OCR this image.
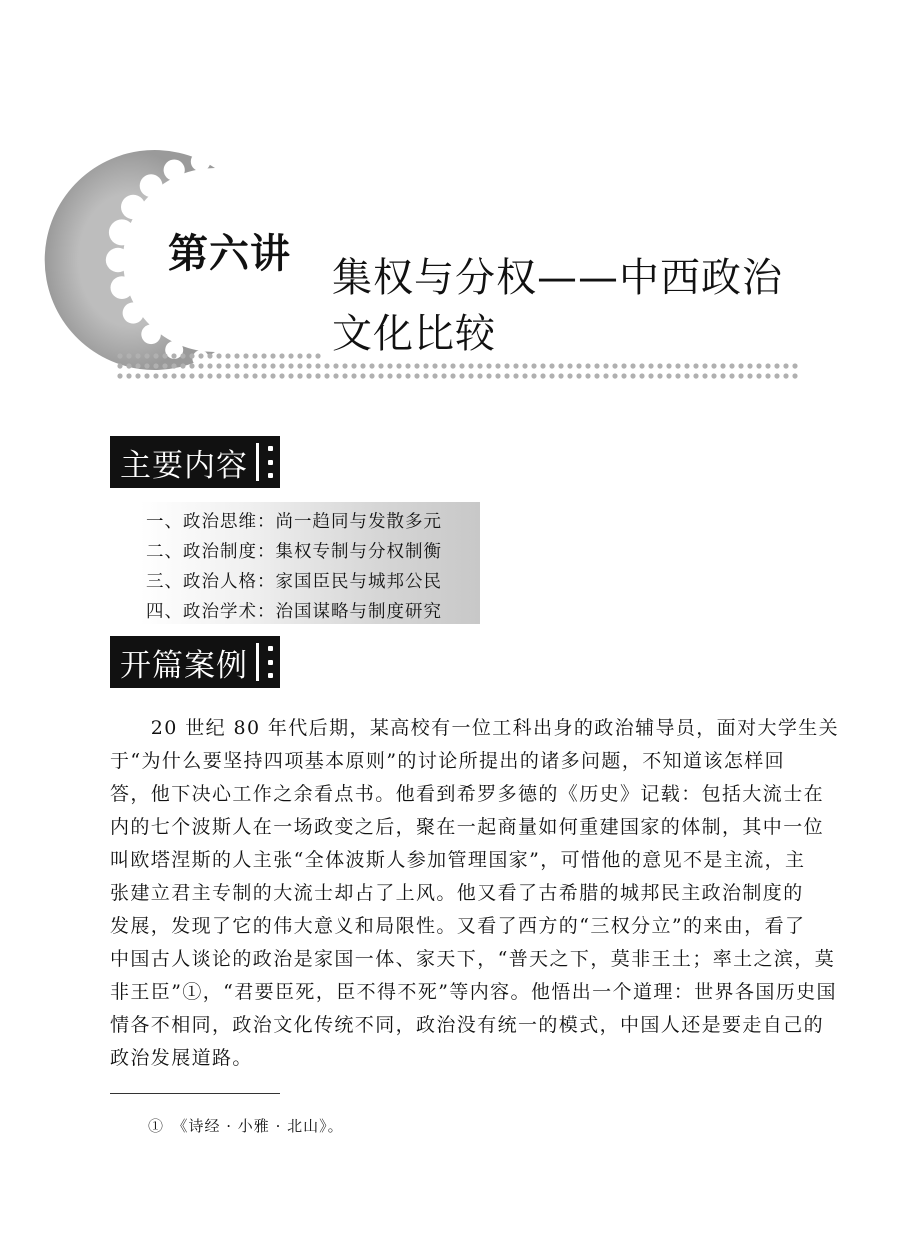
第六讲
集权与分权——中西政治
文化比较
主要内容
一、政治思维：尚一趋同与发散多元
二、政治制度：集权专制与分权制衡
三、政治人格：家国臣民与城邦公民
四、政治学术：治国谋略与制度研究
开篇案例
　　20 世纪 80 年代后期，某高校有一位工科出身的政治辅导员，面对大学生关
于“为什么要坚持四项基本原则”的讨论所提出的诸多问题，不知道该怎样回
答，他下决心工作之余看点书。他看到希罗多德的《历史》记载：包括大流士在
内的七个波斯人在一场政变之后，聚在一起商量如何重建国家的体制，其中一位
叫欧塔涅斯的人主张“全体波斯人参加管理国家”，可惜他的意见不是主流，主
张建立君主专制的大流士却占了上风。他又看了古希腊的城邦民主政治制度的
发展，发现了它的伟大意义和局限性。又看了西方的“三权分立”的来由，看了
中国古人谈论的政治是家国一体、家天下，“普天之下，莫非王土；率土之滨，莫
非王臣”①，“君要臣死，臣不得不死”等内容。他悟出一个道理：世界各国历史国
情各不相同，政治文化传统不同，政治没有统一的模式，中国人还是要走自己的
政治发展道路。
①　《诗经 · 小雅 · 北山》。
